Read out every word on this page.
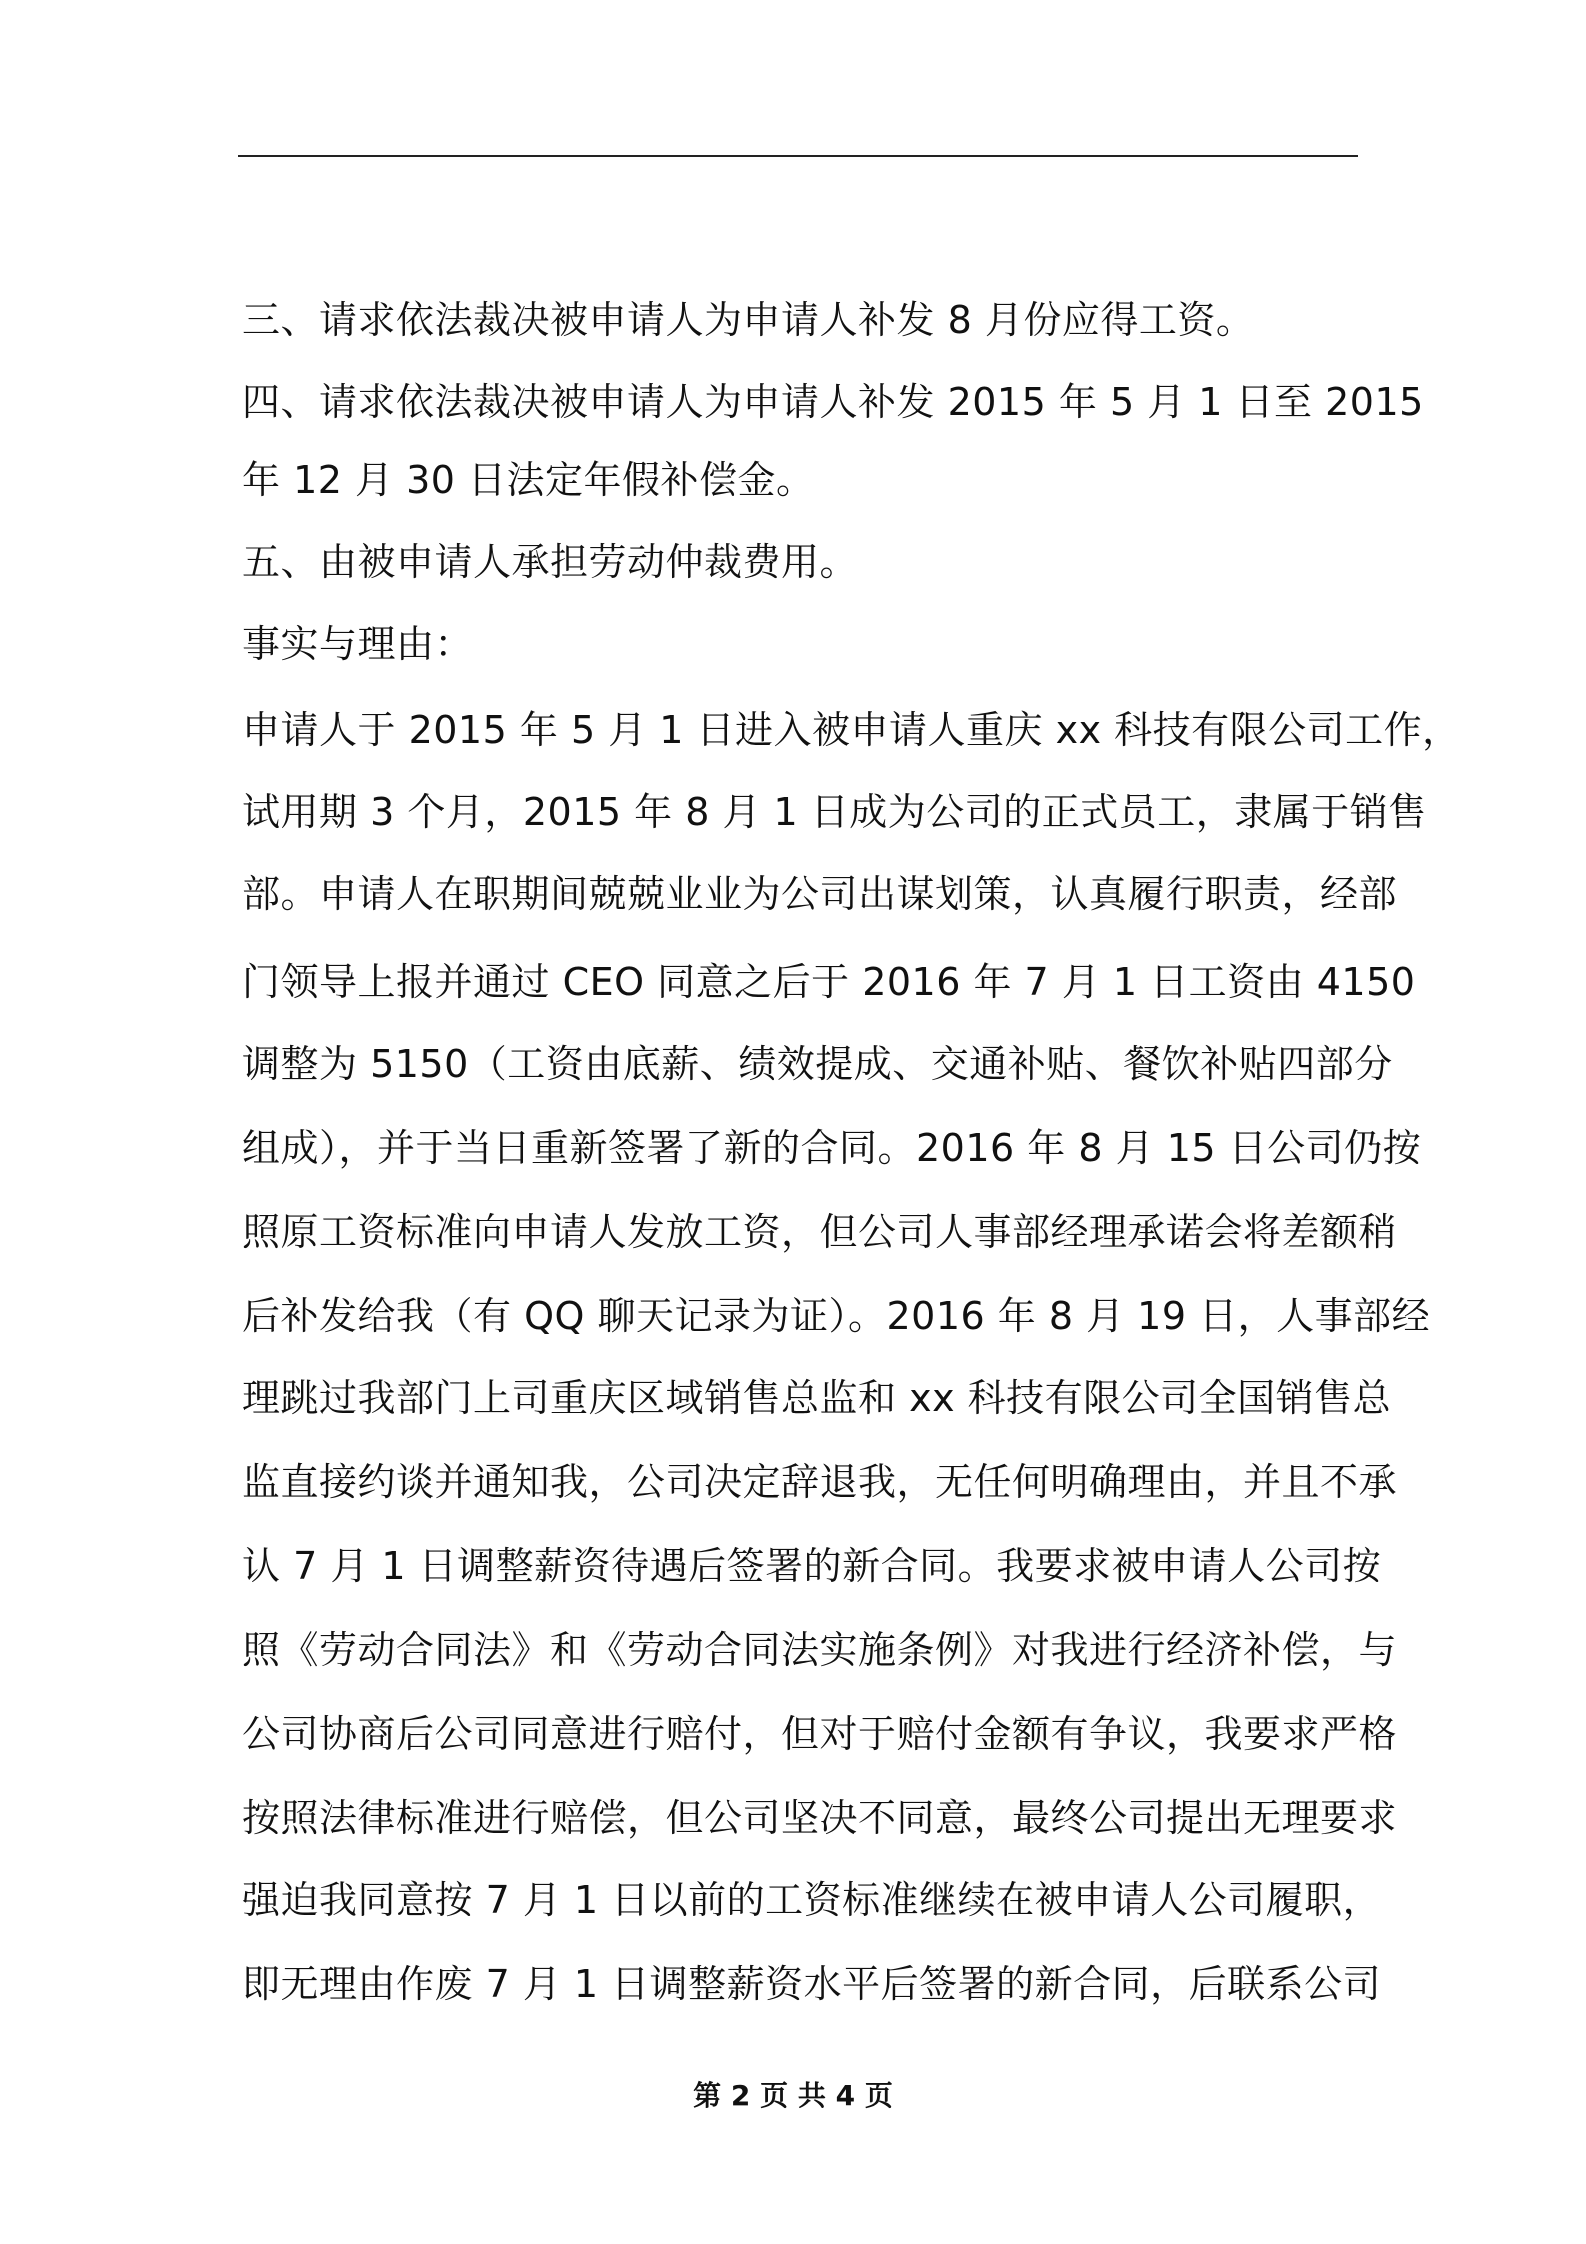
三、请求依法裁决被申请人为申请人补发 8 月份应得工资。
四、请求依法裁决被申请人为申请人补发 2015 年 5 月 1 日至 2015
年 12 月 30 日法定年假补偿金。
五、由被申请人承担劳动仲裁费用。
事实与理由：
申请人于 2015 年 5 月 1 日进入被申请人重庆 xx 科技有限公司工作，
试用期 3 个月，2015 年 8 月 1 日成为公司的正式员工，隶属于销售
部。申请人在职期间兢兢业业为公司出谋划策，认真履行职责，经部
门领导上报并通过 CEO 同意之后于 2016 年 7 月 1 日工资由 4150
调整为 5150（工资由底薪、绩效提成、交通补贴、餐饮补贴四部分
组成），并于当日重新签署了新的合同。2016 年 8 月 15 日公司仍按
照原工资标准向申请人发放工资，但公司人事部经理承诺会将差额稍
后补发给我（有 QQ 聊天记录为证）。2016 年 8 月 19 日，人事部经
理跳过我部门上司重庆区域销售总监和 xx 科技有限公司全国销售总
监直接约谈并通知我，公司决定辞退我，无任何明确理由，并且不承
认 7 月 1 日调整薪资待遇后签署的新合同。我要求被申请人公司按
照《劳动合同法》和《劳动合同法实施条例》对我进行经济补偿，与
公司协商后公司同意进行赔付，但对于赔付金额有争议，我要求严格
按照法律标准进行赔偿，但公司坚决不同意，最终公司提出无理要求
强迫我同意按 7 月 1 日以前的工资标准继续在被申请人公司履职，
即无理由作废 7 月 1 日调整薪资水平后签署的新合同，后联系公司
第 2 页 共 4 页
